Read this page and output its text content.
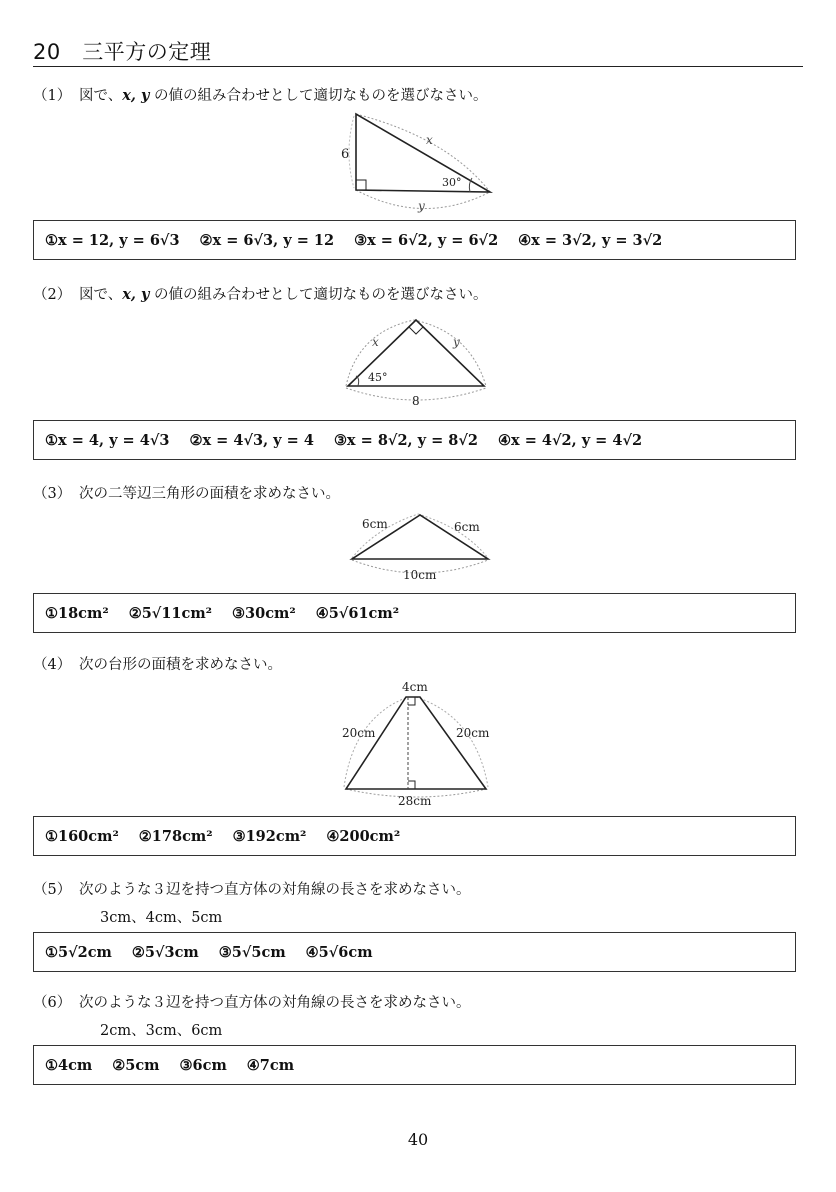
20　三平方の定理
（1） 図で、x, y の値の組み合わせとして適切なものを選びなさい。
x
6
30°
y
①x = 12, y = 6√3 ②x = 6√3, y = 12 ③x = 6√2, y = 6√2 ④x = 3√2, y = 3√2
（2） 図で、x, y の値の組み合わせとして適切なものを選びなさい。
x	y
45°
8
①x = 4, y = 4√3 ②x = 4√3, y = 4 ③x = 8√2, y = 8√2 ④x = 4√2, y = 4√2
（3） 次の二等辺三角形の面積を求めなさい。
6cm	6cm
10cm
①18cm² ②5√11cm² ③30cm² ④5√61cm²
（4） 次の台形の面積を求めなさい。
4cm
20cm	20cm
28cm
①160cm² ②178cm² ③192cm² ④200cm²
（5） 次のような３辺を持つ直方体の対角線の長さを求めなさい。
3cm、4cm、5cm
①5√2cm ②5√3cm ③5√5cm ④5√6cm
（6） 次のような３辺を持つ直方体の対角線の長さを求めなさい。
2cm、3cm、6cm
①4cm ②5cm ③6cm ④7cm
40
